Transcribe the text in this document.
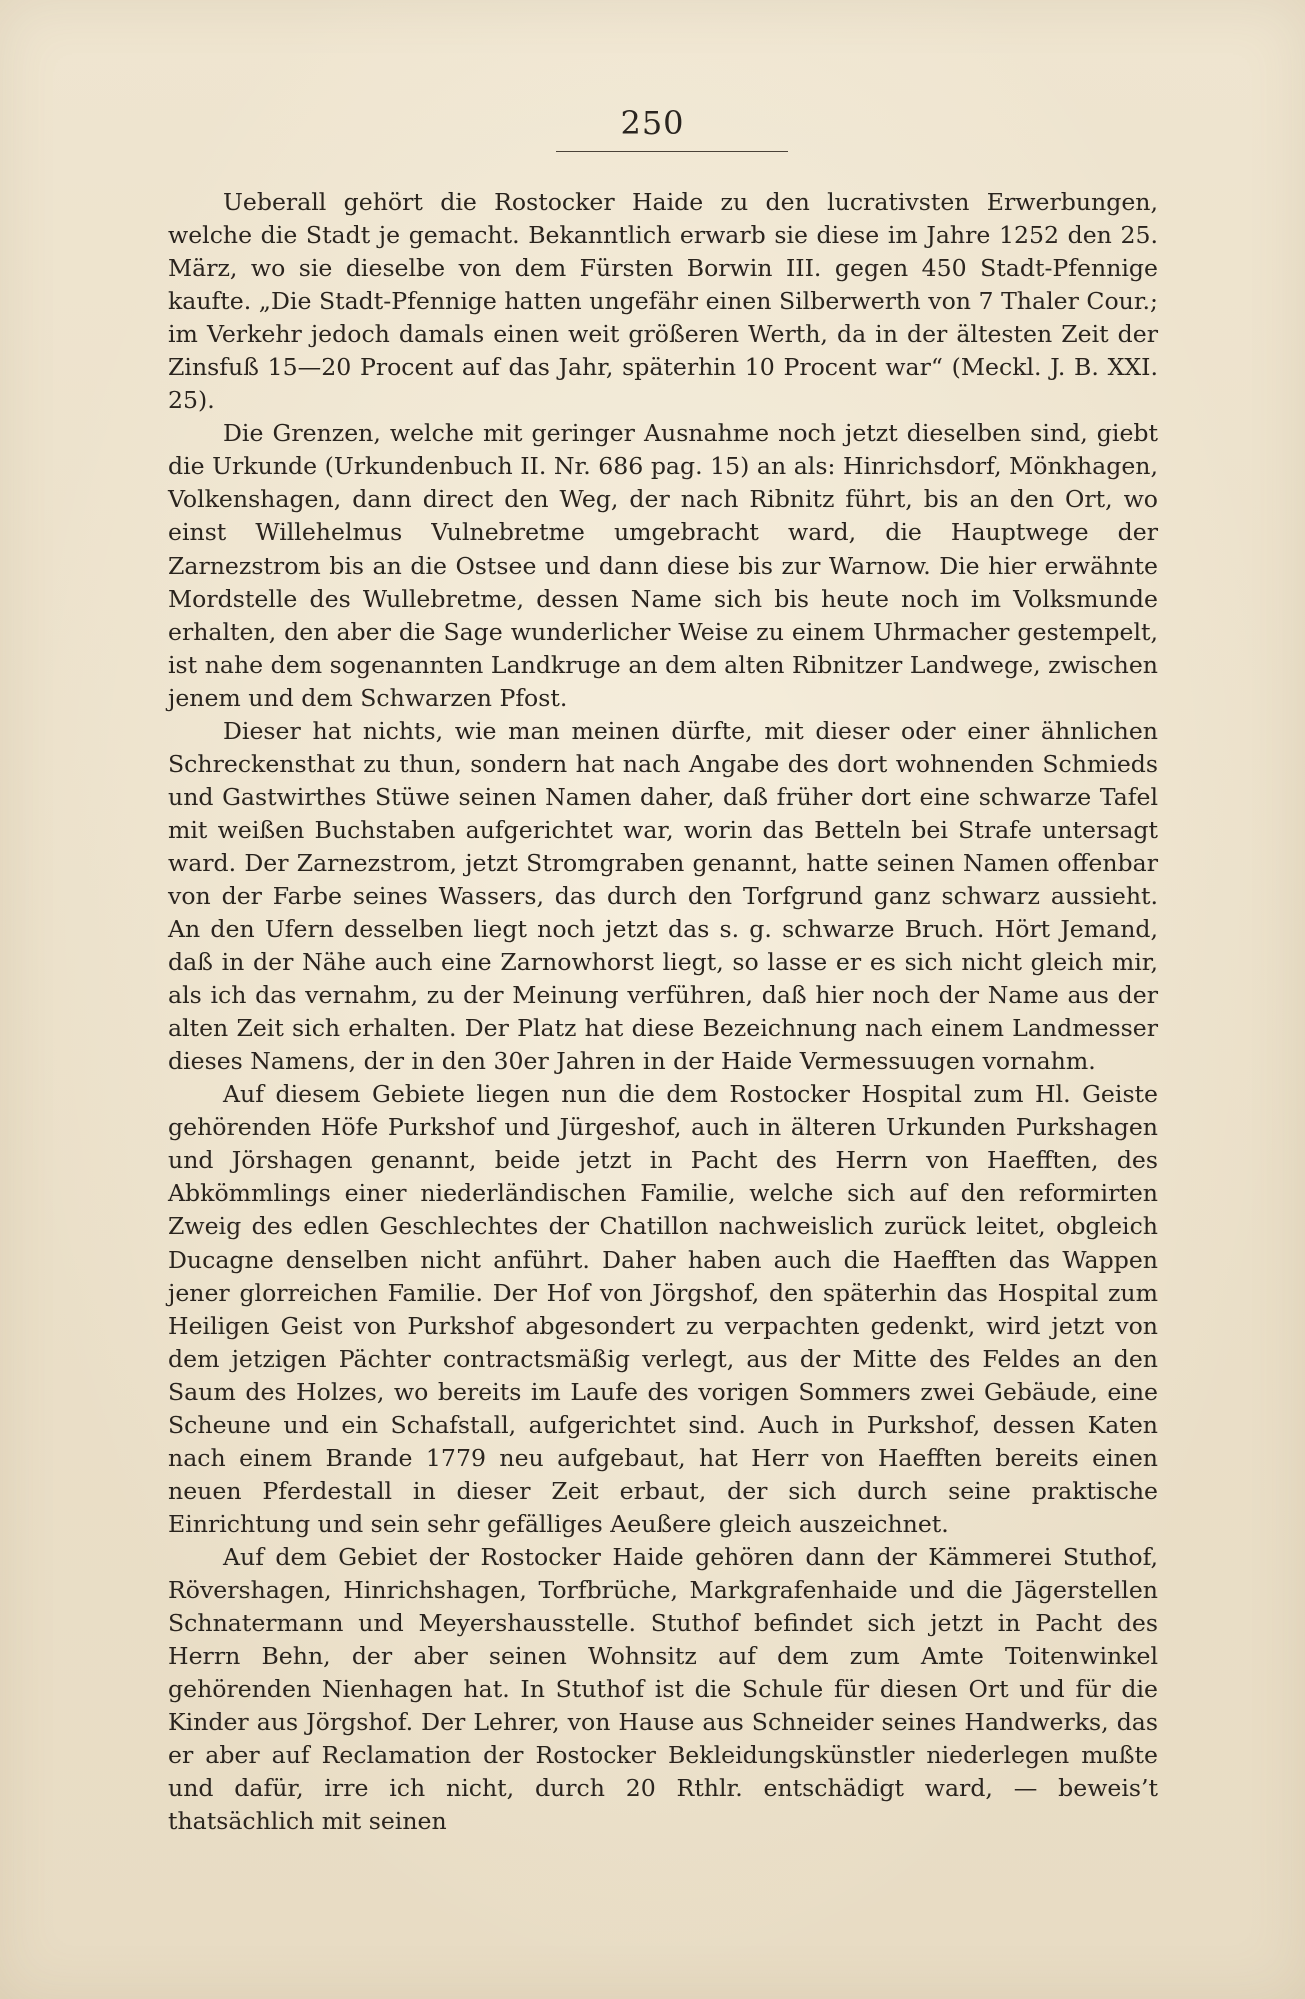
250

Ueberall gehört die Rostocker Haide zu den lucrativsten Erwerbungen, welche die Stadt je gemacht. Bekanntlich erwarb sie diese im Jahre 1252 den 25. März, wo sie dieselbe von dem Fürsten Borwin III. gegen 450 Stadt-Pfennige kaufte. „Die Stadt-Pfennige hatten ungefähr einen Silberwerth von 7 Thaler Cour.; im Verkehr jedoch damals einen weit größeren Werth, da in der ältesten Zeit der Zinsfuß 15—20 Procent auf das Jahr, späterhin 10 Procent war“ (Meckl. J. B. XXI. 25).

Die Grenzen, welche mit geringer Ausnahme noch jetzt dieselben sind, giebt die Urkunde (Urkundenbuch II. Nr. 686 pag. 15) an als: Hinrichsdorf, Mönkhagen, Volkenshagen, dann direct den Weg, der nach Ribnitz führt, bis an den Ort, wo einst Willehelmus Vulnebretme umgebracht ward, die Hauptwege der Zarnezstrom bis an die Ostsee und dann diese bis zur Warnow. Die hier erwähnte Mordstelle des Wullebretme, dessen Name sich bis heute noch im Volksmunde erhalten, den aber die Sage wunderlicher Weise zu einem Uhrmacher gestempelt, ist nahe dem sogenannten Landkruge an dem alten Ribnitzer Landwege, zwischen jenem und dem Schwarzen Pfost.

Dieser hat nichts, wie man meinen dürfte, mit dieser oder einer ähnlichen Schreckensthat zu thun, sondern hat nach Angabe des dort wohnenden Schmieds und Gastwirthes Stüwe seinen Namen daher, daß früher dort eine schwarze Tafel mit weißen Buchstaben aufgerichtet war, worin das Betteln bei Strafe untersagt ward. Der Zarnezstrom, jetzt Stromgraben genannt, hatte seinen Namen offenbar von der Farbe seines Wassers, das durch den Torfgrund ganz schwarz aussieht. An den Ufern desselben liegt noch jetzt das s. g. schwarze Bruch. Hört Jemand, daß in der Nähe auch eine Zarnowhorst liegt, so lasse er es sich nicht gleich mir, als ich das vernahm, zu der Meinung verführen, daß hier noch der Name aus der alten Zeit sich erhalten. Der Platz hat diese Bezeichnung nach einem Landmesser dieses Namens, der in den 30er Jahren in der Haide Vermessuugen vornahm.

Auf diesem Gebiete liegen nun die dem Rostocker Hospital zum Hl. Geiste gehörenden Höfe Purkshof und Jürgeshof, auch in älteren Urkunden Purkshagen und Jörshagen genannt, beide jetzt in Pacht des Herrn von Haefften, des Abkömmlings einer niederländischen Familie, welche sich auf den reformirten Zweig des edlen Geschlechtes der Chatillon nachweislich zurück leitet, obgleich Ducagne denselben nicht anführt. Daher haben auch die Haefften das Wappen jener glorreichen Familie. Der Hof von Jörgshof, den späterhin das Hospital zum Heiligen Geist von Purkshof abgesondert zu verpachten gedenkt, wird jetzt von dem jetzigen Pächter contractsmäßig verlegt, aus der Mitte des Feldes an den Saum des Holzes, wo bereits im Laufe des vorigen Sommers zwei Gebäude, eine Scheune und ein Schafstall, aufgerichtet sind. Auch in Purkshof, dessen Katen nach einem Brande 1779 neu aufgebaut, hat Herr von Haefften bereits einen neuen Pferdestall in dieser Zeit erbaut, der sich durch seine praktische Einrichtung und sein sehr gefälliges Aeußere gleich auszeichnet.

Auf dem Gebiet der Rostocker Haide gehören dann der Kämmerei Stuthof, Rövershagen, Hinrichshagen, Torfbrüche, Markgrafenhaide und die Jägerstellen Schnatermann und Meyershausstelle. Stuthof befindet sich jetzt in Pacht des Herrn Behn, der aber seinen Wohnsitz auf dem zum Amte Toitenwinkel gehörenden Nienhagen hat. In Stuthof ist die Schule für diesen Ort und für die Kinder aus Jörgshof. Der Lehrer, von Hause aus Schneider seines Handwerks, das er aber auf Reclamation der Rostocker Bekleidungskünstler niederlegen mußte und dafür, irre ich nicht, durch 20 Rthlr. entschädigt ward, — beweis’t thatsächlich mit seinen
